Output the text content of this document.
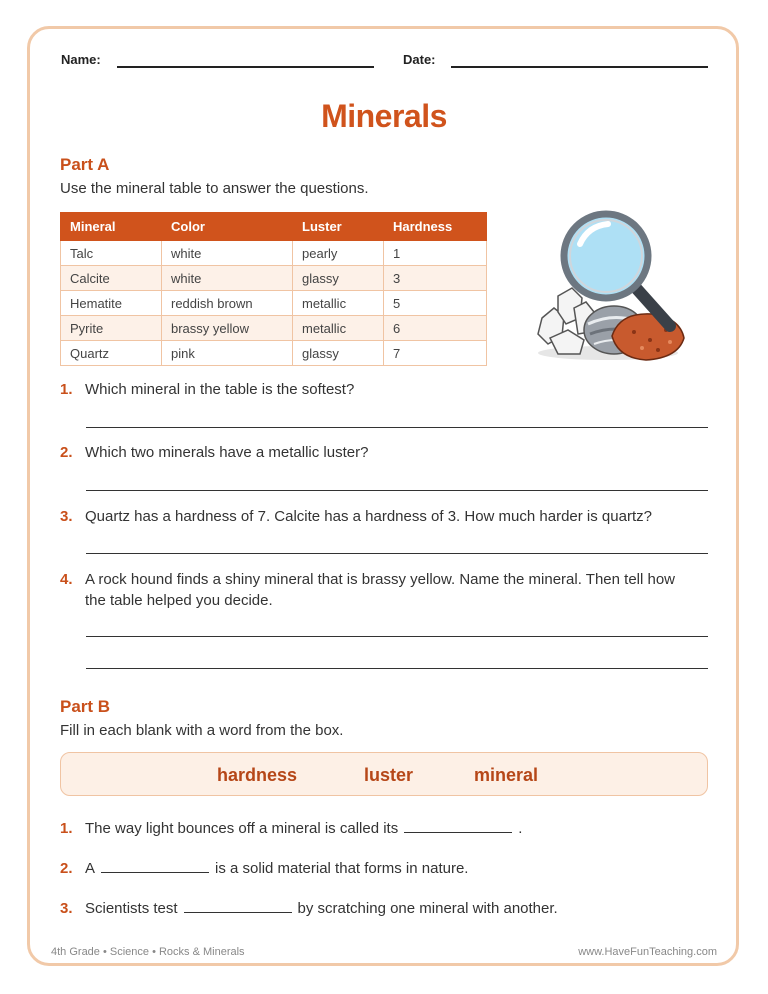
Name:	Date:
Minerals
Part A
Use the mineral table to answer the questions.
Mineral	Color	Luster	Hardness
Talc	white	pearly	1
Calcite	white	glassy	3
Hematite	reddish brown	metallic	5
Pyrite	brassy yellow	metallic	6
Quartz	pink	glassy	7
1. Which mineral in the table is the softest?
2. Which two minerals have a metallic luster?
3. Quartz has a hardness of 7. Calcite has a hardness of 3. How much harder is quartz?
4. A rock hound finds a shiny mineral that is brassy yellow. Name the mineral. Then tell how the table helped you decide.
Part B
Fill in each blank with a word from the box.
hardness	luster	mineral
1. The way light bounces off a mineral is called its	.
2. A	is a solid material that forms in nature.
3. Scientists test	by scratching one mineral with another.
4th Grade • Science • Rocks & Minerals	www.HaveFunTeaching.com
